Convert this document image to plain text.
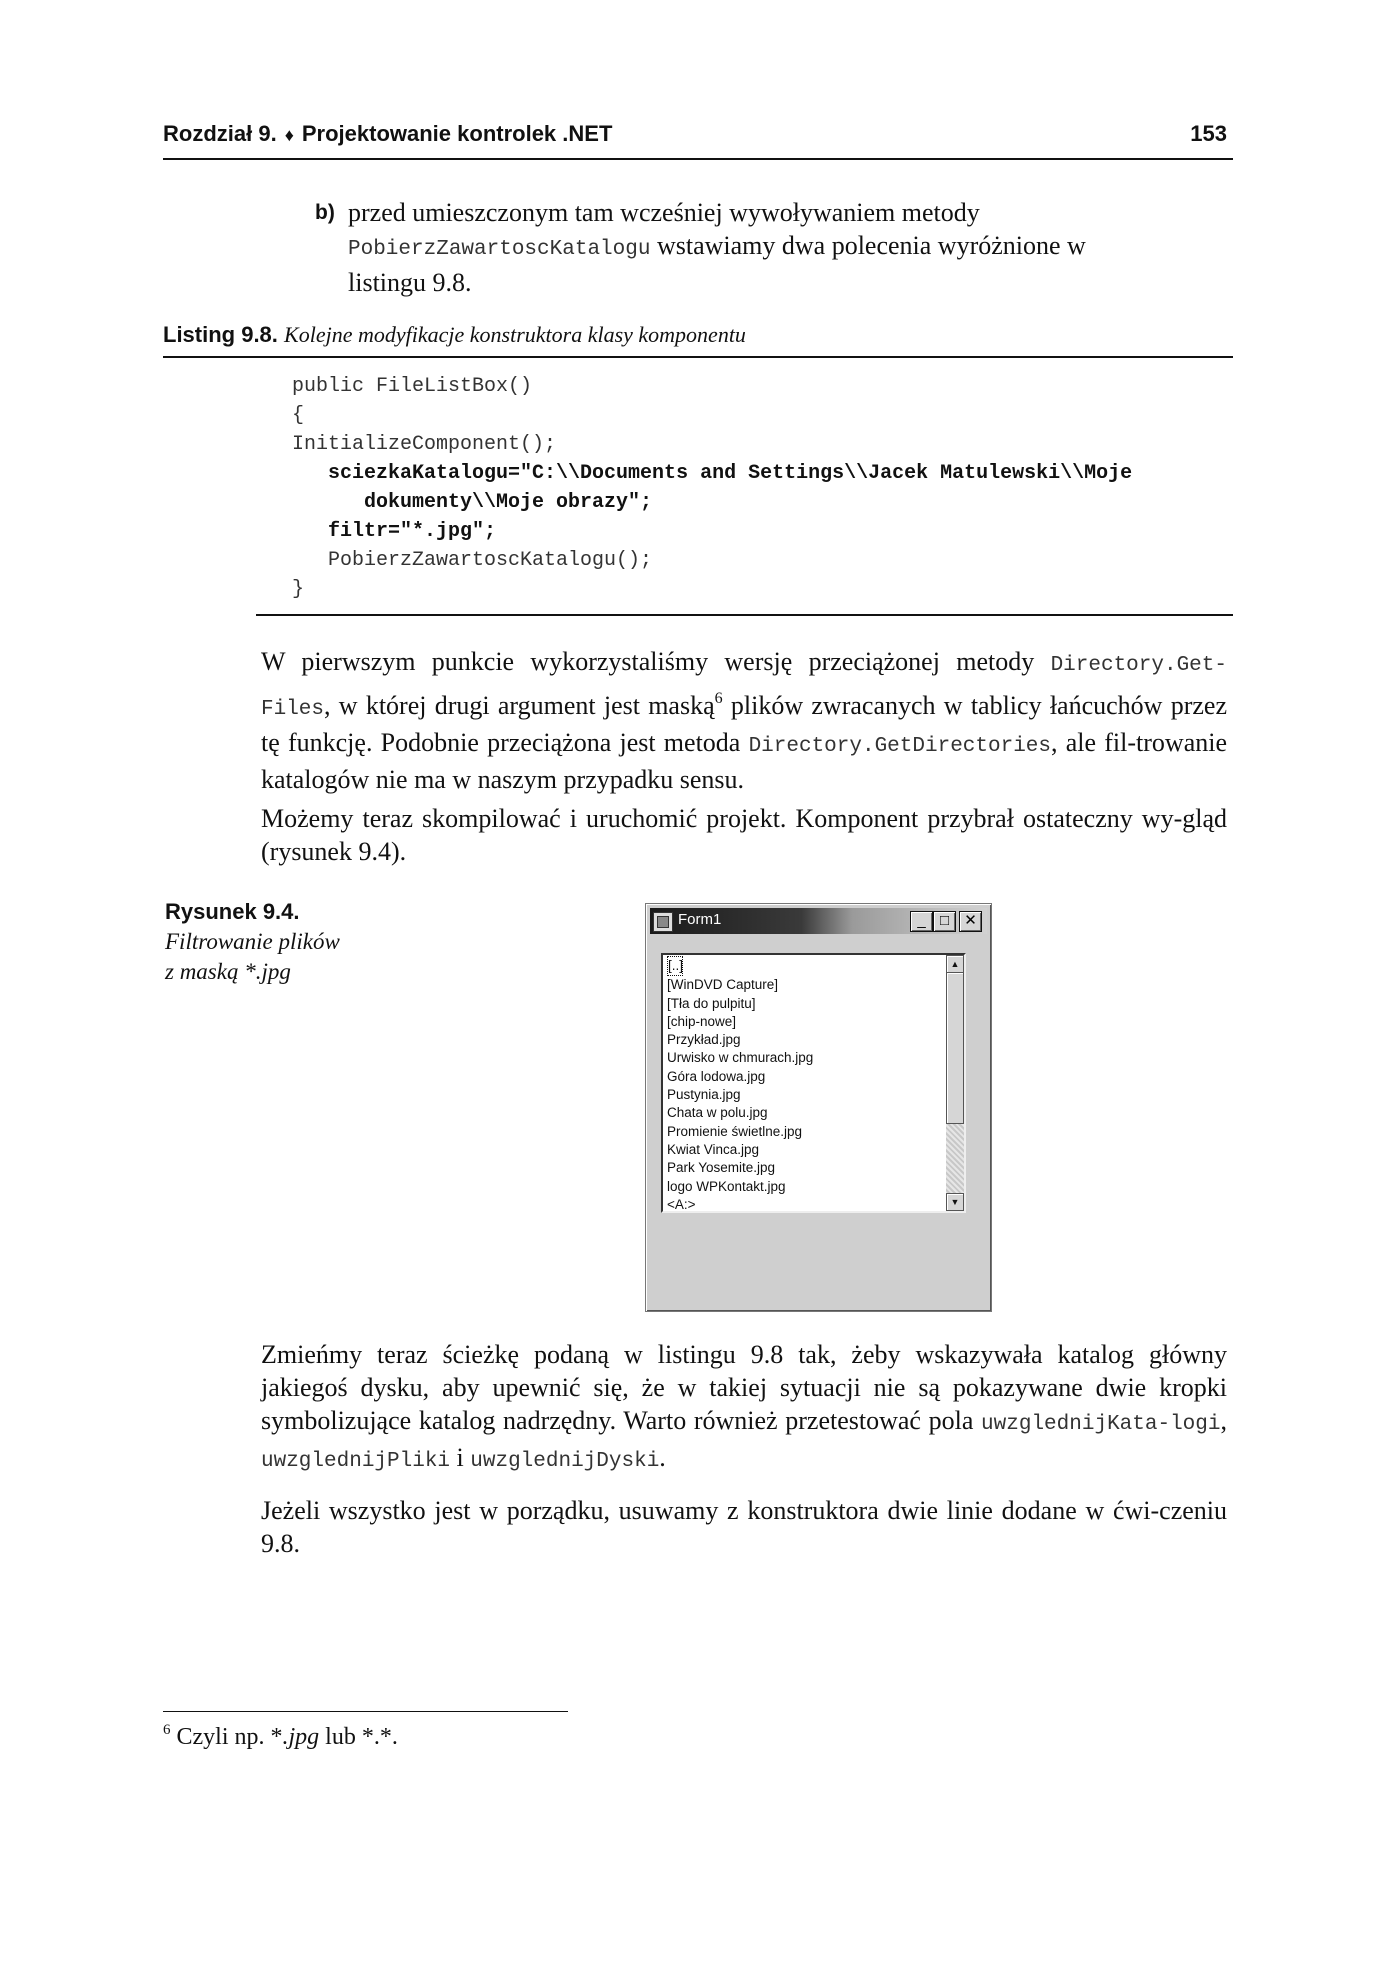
Rozdział 9. ♦ Projektowanie kontrolek .NET	153
b) przed umieszczonym tam wcześniej wywoływaniem metody
PobierzZawartoscKatalogu wstawiamy dwa polecenia wyróżnione w listingu 9.8.
Listing 9.8. Kolejne modyfikacje konstruktora klasy komponentu
public FileListBox()
{
InitializeComponent();
sciezkaKatalogu="C:\\Documents and Settings\\Jacek Matulewski\\Moje
dokumenty\\Moje obrazy";
filtr="*.jpg";
PobierzZawartoscKatalogu();
}
W pierwszym punkcie wykorzystaliśmy wersję przeciążonej metody Directory.Get-Files, w której drugi argument jest maską$^6$ plików zwracanych w tablicy łańcuchów przez tę funkcję. Podobnie przeciążona jest metoda Directory.GetDirectories, ale fil-trowanie katalogów nie ma w naszym przypadku sensu.
Możemy teraz skompilować i uruchomić projekt. Komponent przybrał ostateczny wy-gląd (rysunek 9.4).
Rysunek 9.4.
Filtrowanie plików
z maską *.jpg
Form1	_ □	✕
[..]
[WinDVD Capture]
[Tła do pulpitu]
[chip-nowe]
Przykład.jpg
Urwisko w chmurach.jpg
Góra lodowa.jpg
Pustynia.jpg
Chata w polu.jpg
Promienie świetlne.jpg
Kwiat Vinca.jpg
Park Yosemite.jpg
logo WPKontakt.jpg
<A:>
▲
▼
Zmieńmy teraz ścieżkę podaną w listingu 9.8 tak, żeby wskazywała katalog główny jakiegoś dysku, aby upewnić się, że w takiej sytuacji nie są pokazywane dwie kropki symbolizujące katalog nadrzędny. Warto również przetestować pola uwzglednijKata-logi, uwzglednijPliki i uwzglednijDyski.
Jeżeli wszystko jest w porządku, usuwamy z konstruktora dwie linie dodane w ćwi-czeniu 9.8.
$^6$ Czyli np. *.jpg lub *.*.
